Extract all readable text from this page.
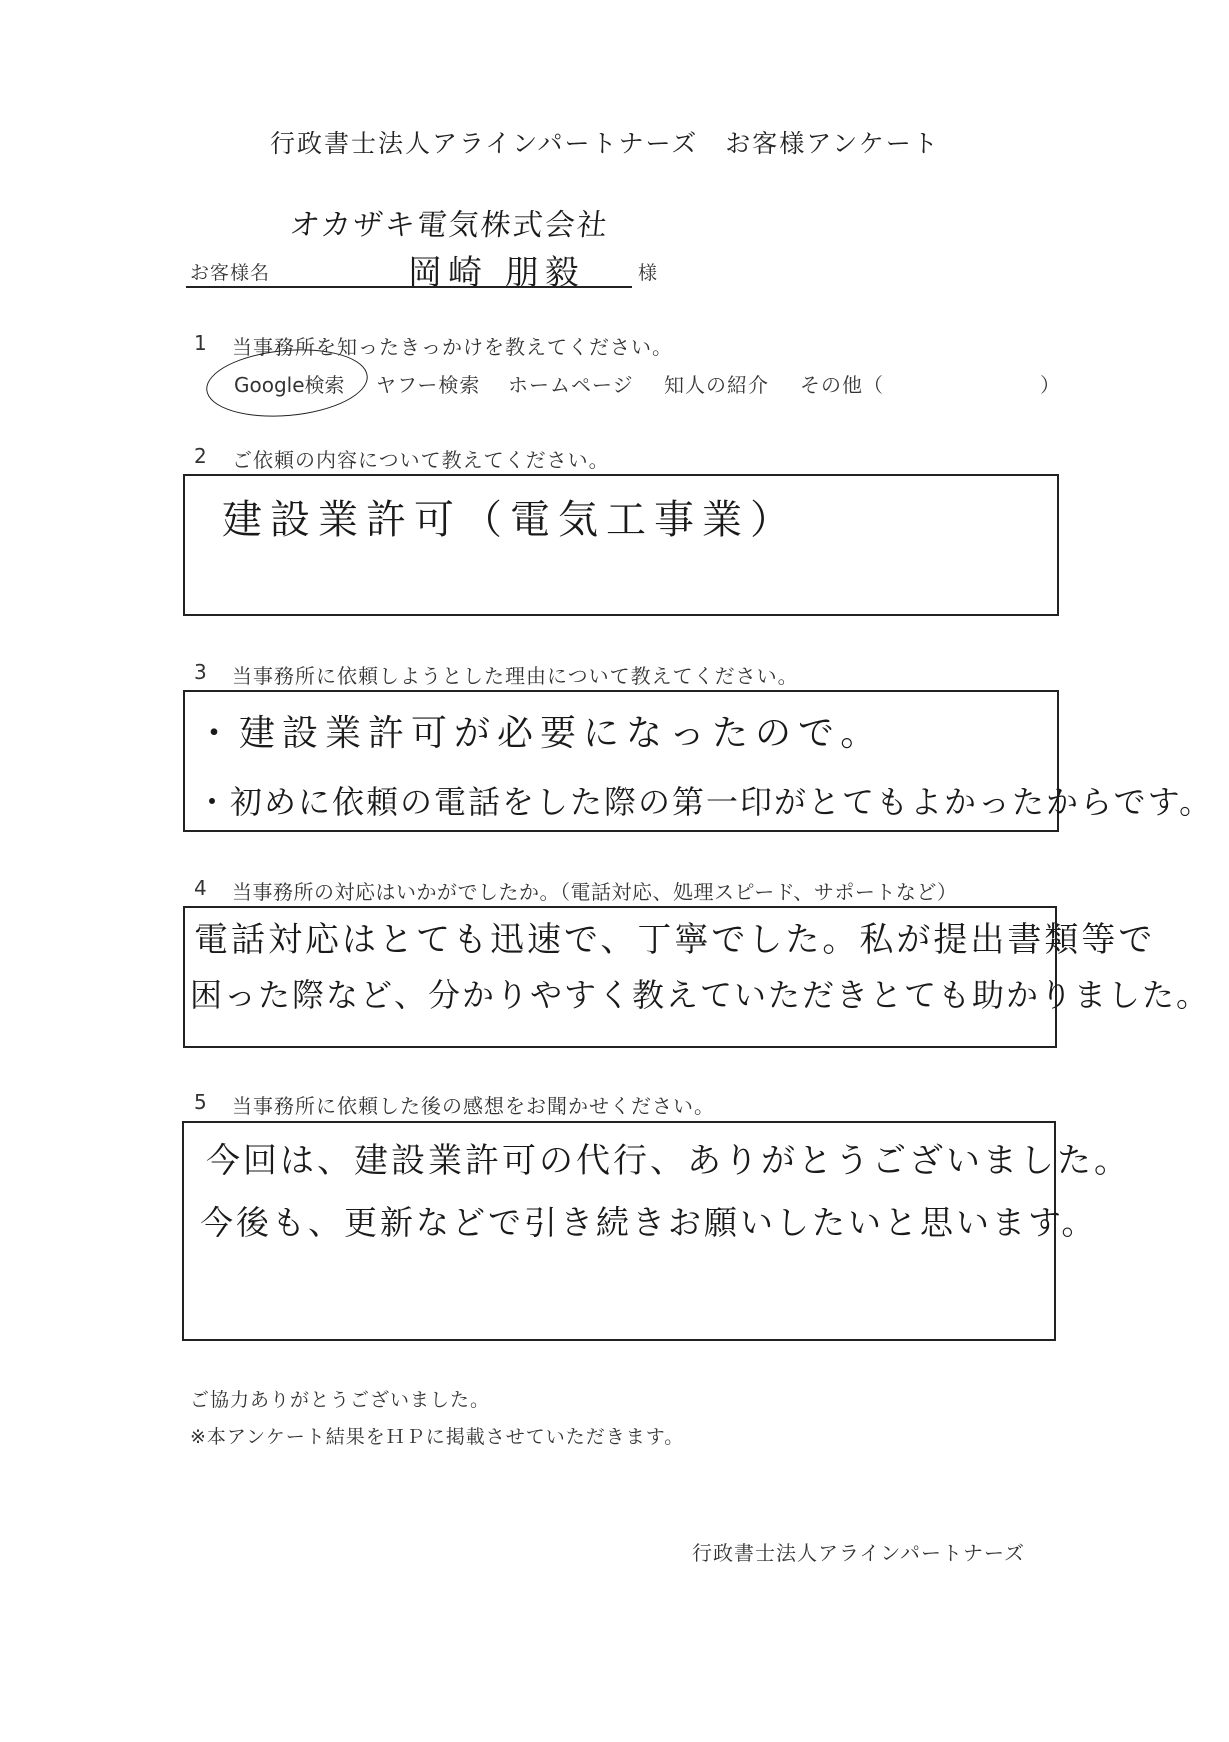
行政書士法人アラインパートナーズ　お客様アンケート
オカザキ電気株式会社
お客様名	岡崎 朋毅	様
1 当事務所を知ったきっかけを教えてください。
Google検索 ヤフー検索 ホームページ 知人の紹介 その他（	）
2 ご依頼の内容について教えてください。
建設業許可（電気工事業）
3 当事務所に依頼しようとした理由について教えてください。
・建設業許可が必要になったので。
・初めに依頼の電話をした際の第一印がとてもよかったからです。
4 当事務所の対応はいかがでしたか。（電話対応、処理スピード、サポートなど）
電話対応はとても迅速で、丁寧でした。私が提出書類等で
困った際など、分かりやすく教えていただきとても助かりました。
5 当事務所に依頼した後の感想をお聞かせください。
今回は、建設業許可の代行、ありがとうございました。
今後も、更新などで引き続きお願いしたいと思います。
ご協力ありがとうございました。
※本アンケート結果をＨＰに掲載させていただきます。
行政書士法人アラインパートナーズ
